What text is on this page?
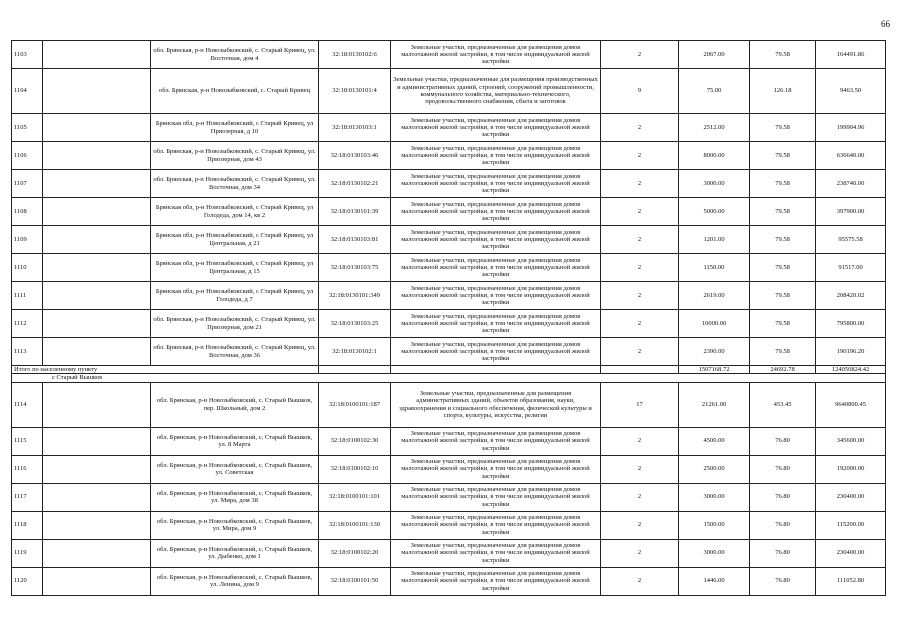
66
1103		обл. Брянская, р-н Новозыбковский, с. Старый Кривец, ул. Восточная, дом 4	32:18:0130102:6	Земельные участки, предназначенные для размещения домов малоэтажной жилой застройки, в том числе индивидуальной жилой застройки	2	2067.00	79.58	164491.86
1104		обл. Брянская, р-н Новозыбковский, с. Старый Кривец	32:18:0130101:4	Земельные участки, предназначенные для размещения производственных и административных зданий, строений, сооружений промышленности, коммунального хозяйства, материально-технического, продовольственного снабжения, сбыта и заготовок	9	75.00	126.18	9463.50
1105		Брянская обл, р-н Новозыбковский, с Старый Кривец, ул Приозерная, д 10	32:18:0130103:1	Земельные участки, предназначенные для размещения домов малоэтажной жилой застройки, в том числе индивидуальной жилой застройки	2	2512.00	79.58	199904.96
1106		обл. Брянская, р-н Новозыбковский, с. Старый Кривец, ул. Приозерная, дом 43	32:18:0130103:46	Земельные участки, предназначенные для размещения домов малоэтажной жилой застройки, в том числе индивидуальной жилой застройки	2	8000.00	79.58	636640.00
1107		обл. Брянская, р-н Новозыбковский, с. Старый Кривец, ул. Восточная, дом 34	32:18:0130102:21	Земельные участки, предназначенные для размещения домов малоэтажной жилой застройки, в том числе индивидуальной жилой застройки	2	3000.00	79.58	238740.00
1108		Брянская обл, р-н Новозыбковский, с Старый Кривец, ул Голодеда, дом 14, кв 2	32:18:0130101:39	Земельные участки, предназначенные для размещения домов малоэтажной жилой застройки, в том числе индивидуальной жилой застройки	2	5000.00	79.58	397900.00
1109		Брянская обл, р-н Новозыбковский, с Старый Кривец, ул Центральная, д 21	32:18:0130103:81	Земельные участки, предназначенные для размещения домов малоэтажной жилой застройки, в том числе индивидуальной жилой застройки	2	1201.00	79.58	95575.58
1110		Брянская обл, р-н Новозыбковский, с Старый Кривец, ул Центральная, д 15	32:18:0130103:75	Земельные участки, предназначенные для размещения домов малоэтажной жилой застройки, в том числе индивидуальной жилой застройки	2	1150.00	79.58	91517.00
1111		Брянская обл, р-н Новозыбковский, с Старый Кривец, ул Голодеда, д 7	32:18:0130101:349	Земельные участки, предназначенные для размещения домов малоэтажной жилой застройки, в том числе индивидуальной жилой застройки	2	2619.00	79.58	208420.02
1112		обл. Брянская, р-н Новозыбковский, с. Старый Кривец, ул. Приозерная, дом 21	32:18:0130103:25	Земельные участки, предназначенные для размещения домов малоэтажной жилой застройки, в том числе индивидуальной жилой застройки	2	10000.00	79.58	795800.00
1113		обл. Брянская, р-н Новозыбковский, с. Старый Кривец, ул. Восточная, дом 36	32:18:0130102:1	Земельные участки, предназначенные для размещения домов малоэтажной жилой застройки, в том числе индивидуальной жилой застройки	2	2390.00	79.58	190196.20
Итого по населенному пункту						1507168.72	24692.78	124050824.42
с Старый Вышков								
1114		обл. Брянская, р-н Новозыбковский, с. Старый Вышков, пер. Школьный, дом 2	32:18:0100101:187	Земельные участки, предназначенные для размещения административных зданий, объектов образования, науки, здравоохранения и социального обеспечения, физической культуры и спорта, культуры, искусства, религии	17	21261.00	453.45	9640800.45
1115		обл. Брянская, р-н Новозыбковский, с. Старый Вышков, ул. 8 Марта	32:18:0100102:30	Земельные участки, предназначенные для размещения домов малоэтажной жилой застройки, в том числе индивидуальной жилой застройки	2	4500.00	76.80	345600.00
1116		обл. Брянская, р-н Новозыбковский, с. Старый Вышков, ул. Советская	32:18:0100102:10	Земельные участки, предназначенные для размещения домов малоэтажной жилой застройки, в том числе индивидуальной жилой застройки	2	2500.00	76.80	192000.00
1117		обл. Брянская, р-н Новозыбковский, с. Старый Вышков, ул. Мира, дом 38	32:18:0100101:101	Земельные участки, предназначенные для размещения домов малоэтажной жилой застройки, в том числе индивидуальной жилой застройки	2	3000.00	76.80	230400.00
1118		обл. Брянская, р-н Новозыбковский, с. Старый Вышков, ул. Мира, дом 9	32:18:0100101:130	Земельные участки, предназначенные для размещения домов малоэтажной жилой застройки, в том числе индивидуальной жилой застройки	2	1500.00	76.80	115200.00
1119		обл. Брянская, р-н Новозыбковский, с. Старый Вышков, ул. Дыбенко, дом 1	32:18:0100102:20	Земельные участки, предназначенные для размещения домов малоэтажной жилой застройки, в том числе индивидуальной жилой застройки	2	3000.00	76.80	230400.00
1120		обл. Брянская, р-н Новозыбковский, с. Старый Вышков, ул. Ленина, дом 9	32:18:0100101:50	Земельные участки, предназначенные для размещения домов малоэтажной жилой застройки, в том числе индивидуальной жилой застройки	2	1446.00	76.80	111052.80
